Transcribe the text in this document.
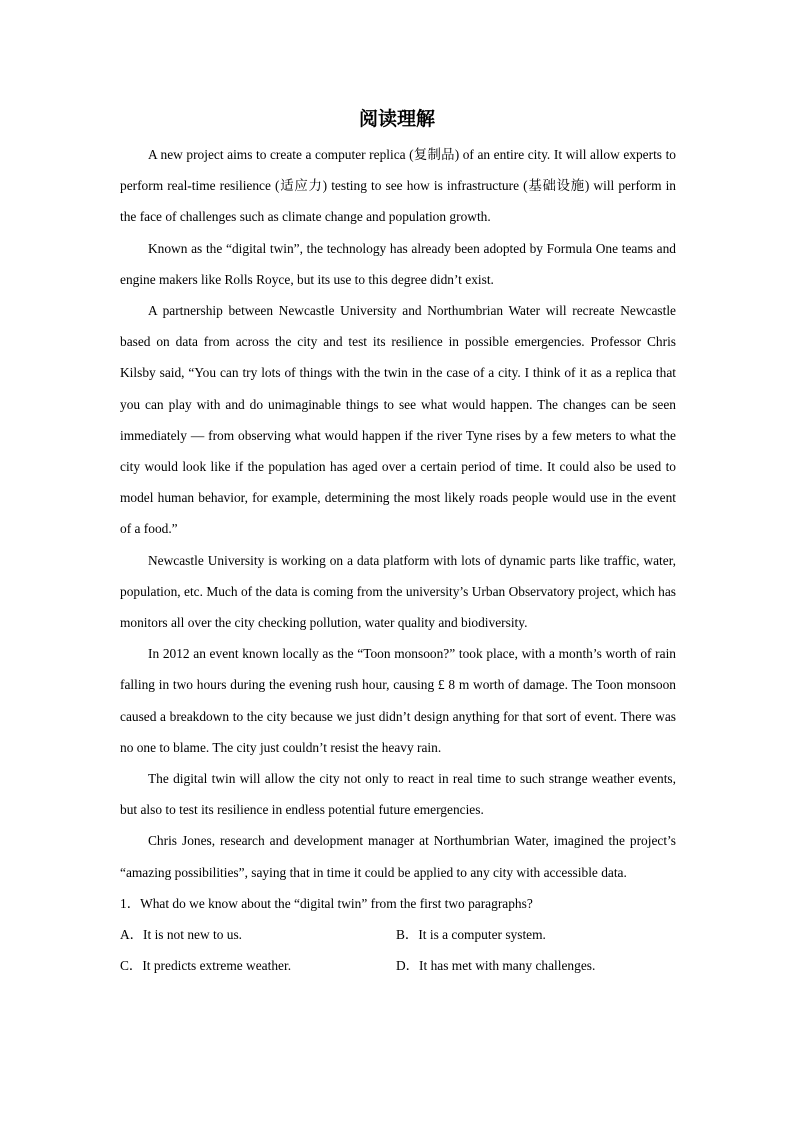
阅读理解

A new project aims to create a computer replica (复制品) of an entire city. It will allow experts to perform real-time resilience (适应力) testing to see how is infrastructure (基础设施) will perform in the face of challenges such as climate change and population growth.

Known as the “digital twin”, the technology has already been adopted by Formula One teams and engine makers like Rolls Royce, but its use to this degree didn’t exist.

A partnership between Newcastle University and Northumbrian Water will recreate Newcastle based on data from across the city and test its resilience in possible emergencies. Professor Chris Kilsby said, “You can try lots of things with the twin in the case of a city. I think of it as a replica that you can play with and do unimaginable things to see what would happen. The changes can be seen immediately — from observing what would happen if the river Tyne rises by a few meters to what the city would look like if the population has aged over a certain period of time. It could also be used to model human behavior, for example, determining the most likely roads people would use in the event of a food.”

Newcastle University is working on a data platform with lots of dynamic parts like traffic, water, population, etc. Much of the data is coming from the university’s Urban Observatory project, which has monitors all over the city checking pollution, water quality and biodiversity.

In 2012 an event known locally as the “Toon monsoon?” took place, with a month’s worth of rain falling in two hours during the evening rush hour, causing £ 8 m worth of damage. The Toon monsoon caused a breakdown to the city because we just didn’t design anything for that sort of event. There was no one to blame. The city just couldn’t resist the heavy rain.

The digital twin will allow the city not only to react in real time to such strange weather events, but also to test its resilience in endless potential future emergencies.

Chris Jones, research and development manager at Northumbrian Water, imagined the project’s “amazing possibilities”, saying that in time it could be applied to any city with accessible data.

1．What do we know about the “digital twin” from the first two paragraphs?
A．It is not new to us.	B．It is a computer system.
C．It predicts extreme weather.	D．It has met with many challenges.
